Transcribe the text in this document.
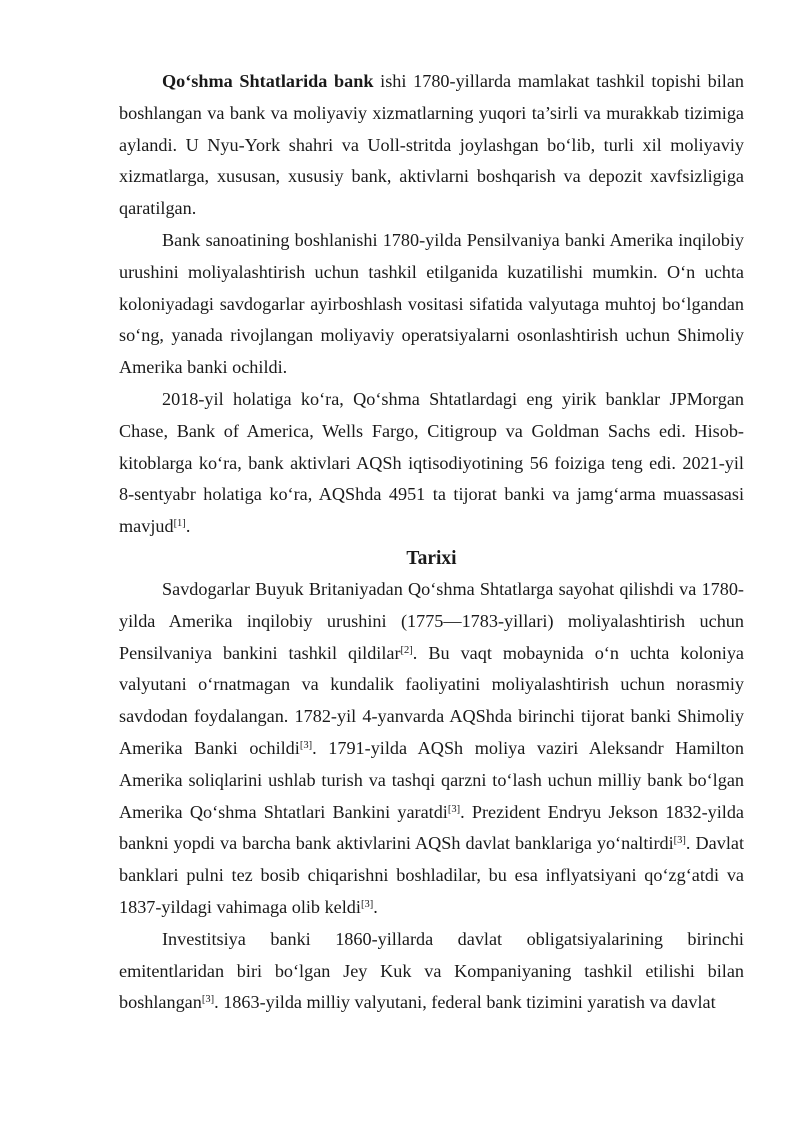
Qo‘shma Shtatlarida bank ishi 1780-yillarda mamlakat tashkil topishi bilan boshlangan va bank va moliyaviy xizmatlarning yuqori ta’sirli va murakkab tizimiga aylandi. U Nyu-York shahri va Uoll-stritda joylashgan bo‘lib, turli xil moliyaviy xizmatlarga, xususan, xususiy bank, aktivlarni boshqarish va depozit xavfsizligiga qaratilgan.

Bank sanoatining boshlanishi 1780-yilda Pensilvaniya banki Amerika inqilobiy urushini moliyalashtirish uchun tashkil etilganida kuzatilishi mumkin. O‘n uchta koloniyadagi savdogarlar ayirboshlash vositasi sifatida valyutaga muhtoj bo‘lgandan so‘ng, yanada rivojlangan moliyaviy operatsiyalarni osonlashtirish uchun Shimoliy Amerika banki ochildi.

2018-yil holatiga ko‘ra, Qo‘shma Shtatlardagi eng yirik banklar JPMorgan Chase, Bank of America, Wells Fargo, Citigroup va Goldman Sachs edi. Hisob-kitoblarga ko‘ra, bank aktivlari AQSh iqtisodiyotining 56 foiziga teng edi. 2021-yil 8-sentyabr holatiga ko‘ra, AQShda 4951 ta tijorat banki va jamg‘arma muassasasi mavjud[1].

Tarixi

Savdogarlar Buyuk Britaniyadan Qo‘shma Shtatlarga sayohat qilishdi va 1780-yilda Amerika inqilobiy urushini (1775—1783-yillari) moliyalashtirish uchun Pensilvaniya bankini tashkil qildilar[2]. Bu vaqt mobaynida o‘n uchta koloniya valyutani o‘rnatmagan va kundalik faoliyatini moliyalashtirish uchun norasmiy savdodan foydalangan. 1782-yil 4-yanvarda AQShda birinchi tijorat banki Shimoliy Amerika Banki ochildi[3]. 1791-yilda AQSh moliya vaziri Aleksandr Hamilton Amerika soliqlarini ushlab turish va tashqi qarzni to‘lash uchun milliy bank bo‘lgan Amerika Qo‘shma Shtatlari Bankini yaratdi[3]. Prezident Endryu Jekson 1832-yilda bankni yopdi va barcha bank aktivlarini AQSh davlat banklariga yo‘naltirdi[3]. Davlat banklari pulni tez bosib chiqarishni boshladilar, bu esa inflyatsiyani qo‘zg‘atdi va 1837-yildagi vahimaga olib keldi[3].

Investitsiya banki 1860-yillarda davlat obligatsiyalarining birinchi emitentlaridan biri bo‘lgan Jey Kuk va Kompaniyaning tashkil etilishi bilan boshlangan[3]. 1863-yilda milliy valyutani, federal bank tizimini yaratish va davlat
